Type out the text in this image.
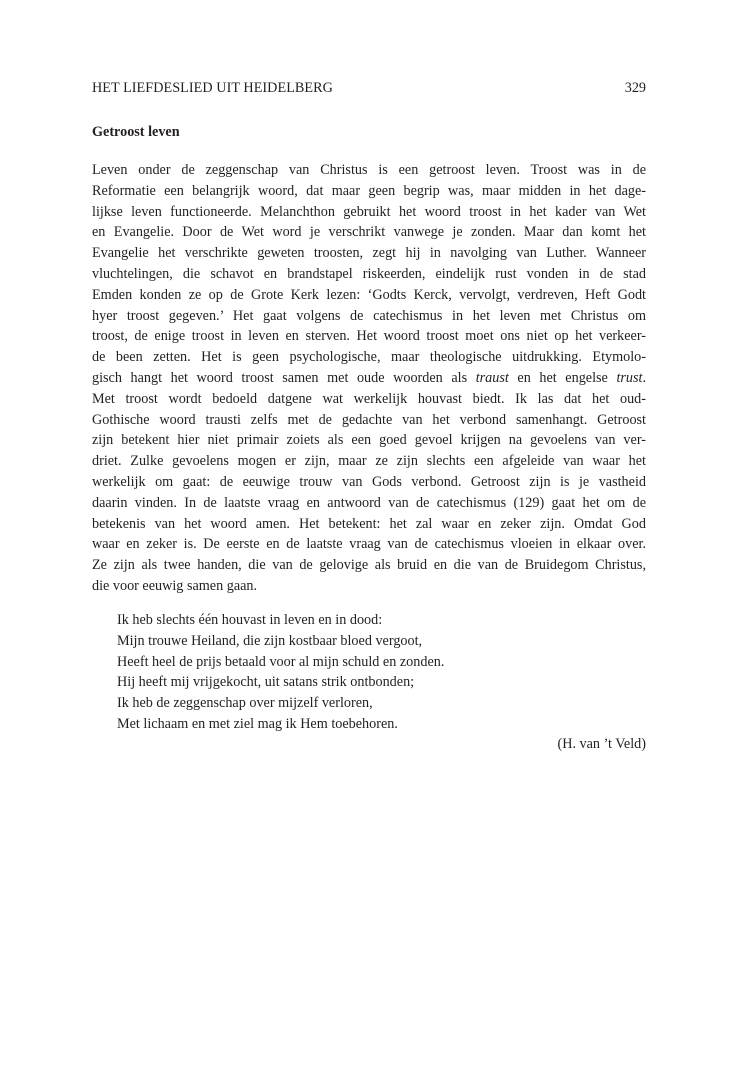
HET LIEFDESLIED UIT HEIDELBERG	329
Getroost leven
Leven onder de zeggenschap van Christus is een getroost leven. Troost was in de
Reformatie een belangrijk woord, dat maar geen begrip was, maar midden in het dage-
lijkse leven functioneerde. Melanchthon gebruikt het woord troost in het kader van Wet
en Evangelie. Door de Wet word je verschrikt vanwege je zonden. Maar dan komt het
Evangelie het verschrikte geweten troosten, zegt hij in navolging van Luther. Wanneer
vluchtelingen, die schavot en brandstapel riskeerden, eindelijk rust vonden in de stad
Emden konden ze op de Grote Kerk lezen: ‘Godts Kerck, vervolgt, verdreven, Heft Godt
hyer troost gegeven.’ Het gaat volgens de catechismus in het leven met Christus om
troost, de enige troost in leven en sterven. Het woord troost moet ons niet op het verkeer-
de been zetten. Het is geen psychologische, maar theologische uitdrukking. Etymolo-
gisch hangt het woord troost samen met oude woorden als traust en het engelse trust.
Met troost wordt bedoeld datgene wat werkelijk houvast biedt. Ik las dat het oud-
Gothische woord trausti zelfs met de gedachte van het verbond samenhangt. Getroost
zijn betekent hier niet primair zoiets als een goed gevoel krijgen na gevoelens van ver-
driet. Zulke gevoelens mogen er zijn, maar ze zijn slechts een afgeleide van waar het
werkelijk om gaat: de eeuwige trouw van Gods verbond. Getroost zijn is je vastheid
daarin vinden. In de laatste vraag en antwoord van de catechismus (129) gaat het om de
betekenis van het woord amen. Het betekent: het zal waar en zeker zijn. Omdat God
waar en zeker is. De eerste en de laatste vraag van de catechismus vloeien in elkaar over.
Ze zijn als twee handen, die van de gelovige als bruid en die van de Bruidegom Christus,
die voor eeuwig samen gaan.
Ik heb slechts één houvast in leven en in dood:
Mijn trouwe Heiland, die zijn kostbaar bloed vergoot,
Heeft heel de prijs betaald voor al mijn schuld en zonden.
Hij heeft mij vrijgekocht, uit satans strik ontbonden;
Ik heb de zeggenschap over mijzelf verloren,
Met lichaam en met ziel mag ik Hem toebehoren.
(H. van ’t Veld)
